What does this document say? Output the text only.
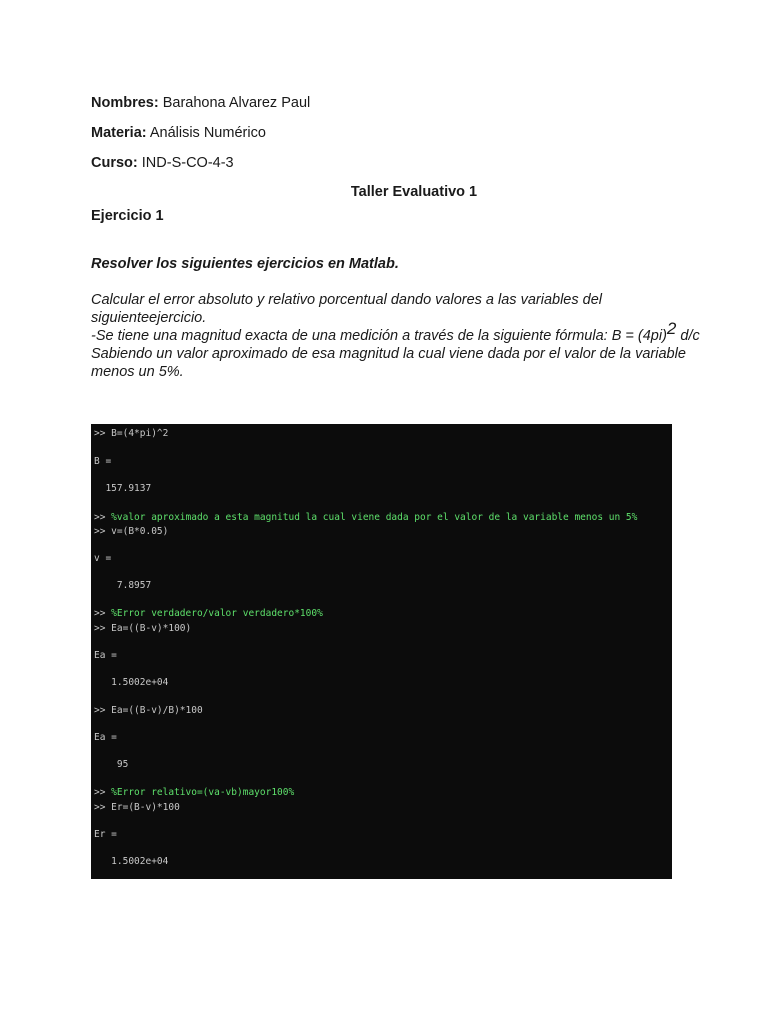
Nombres: Barahona Alvarez Paul
Materia: Análisis Numérico
Curso: IND-S-CO-4-3
Taller Evaluativo 1
Ejercicio 1
Resolver los siguientes ejercicios en Matlab.
Calcular el error absoluto y relativo porcentual dando valores a las variables del siguienteejercicio.
-Se tiene una magnitud exacta de una medición a través de la siguiente fórmula: $B = (4pi)^2$ d/c Sabiendo un valor aproximado de esa magnitud la cual viene dada por el valor de la variable menos un 5%.
>> B=(4*pi)^2
B =
157.9137
>> %valor aproximado a esta magnitud la cual viene dada por el valor de la variable menos un 5%
>> v=(B*0.05)
v =
7.8957
>> %Error verdadero/valor verdadero*100%
>> Ea=((B-v)*100)
Ea =
1.5002e+04
>> Ea=((B-v)/B)*100
Ea =
95
>> %Error relativo=(va-vb)mayor100%
>> Er=(B-v)*100
Er =
1.5002e+04
